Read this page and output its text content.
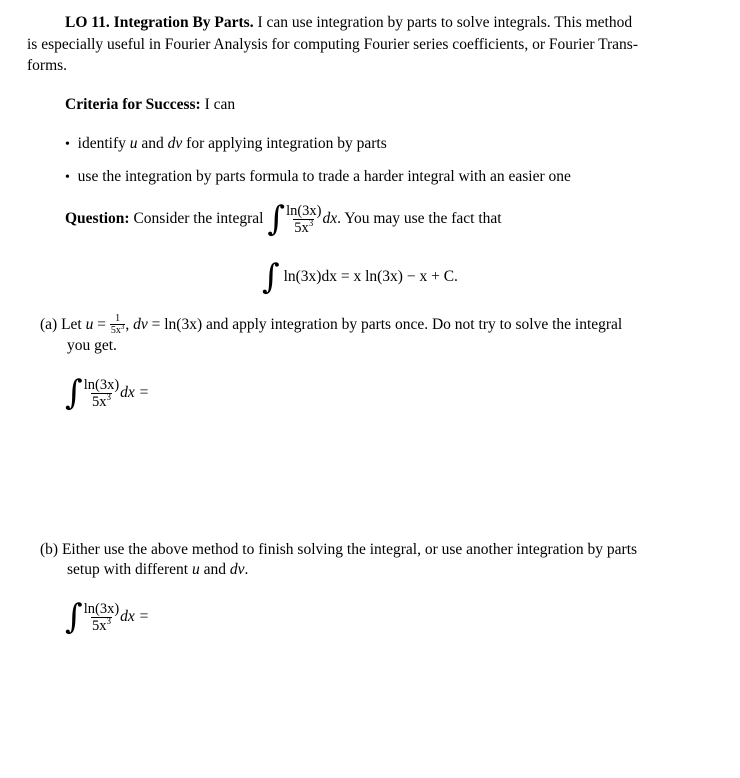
LO 11. Integration By Parts. I can use integration by parts to solve integrals. This method
is especially useful in Fourier Analysis for computing Fourier series coefficients, or Fourier Trans-
forms.
Criteria for Success: I can
• identify u and dv for applying integration by parts
• use the integration by parts formula to trade a harder integral with an easier one
Question:
Consider the integral
∫ $\frac{\ln(3x)}{5x^3}$ dx . You may use the fact that
∫
ln(3x)dx = x ln(3x) − x + C.
(a)
Let
u
=
$\frac{1}{5x^3}$ ,
dv
= ln(3x) and apply integration by parts once. Do not try to solve the integral
you get.
∫ $\frac{\ln(3x)}{5x^3}$ dx =
(b) Either use the above method to finish solving the integral, or use another integration by parts
setup with different u and dv.
∫ $\frac{\ln(3x)}{5x^3}$ dx =
